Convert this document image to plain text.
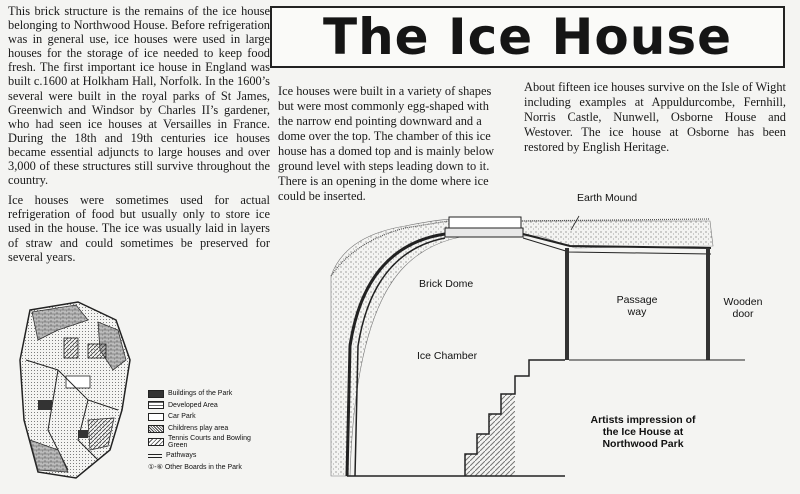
This brick structure is the remains of the ice house belonging to Northwood House. Before refrigeration was in general use, ice houses were used in large houses for the storage of ice needed to keep food fresh. The first important ice house in England was built c.1600 at Holkham Hall, Norfolk. In the 1600’s several were built in the royal parks of St James, Greenwich and Windsor by Charles II’s gardener, who had seen ice houses at Versailles in France. During the 18th and 19th centuries ice houses became essential adjuncts to large houses and over 3,000 of these structures still survive throughout the country.

Ice houses were sometimes used for actual refrigeration of food but usually only to store ice used in the house. The ice was usually laid in layers of straw and could sometimes be preserved for several years.

The Ice House

Ice houses were built in a variety of shapes but were most commonly egg-shaped with the narrow end pointing downward and a dome over the top. The chamber of this ice house has a domed top and is mainly below ground level with steps leading down to it. There is an opening in the dome where ice could be inserted.

About fifteen ice houses survive on the Isle of Wight including examples at Appuldurcombe, Fernhill, Norris Castle, Nunwell, Osborne House and Westover. The ice house at Osborne has been restored by English Heritage.

Buildings of the Park
Developed Area
Car Park
Childrens play area
Tennis Courts and Bowling Green
Pathways
①-⑥ Other Boards in the Park
Earth Mound
Brick Dome
Passage way
Wooden door
Ice Chamber
Artists impression of the Ice House at Northwood Park
